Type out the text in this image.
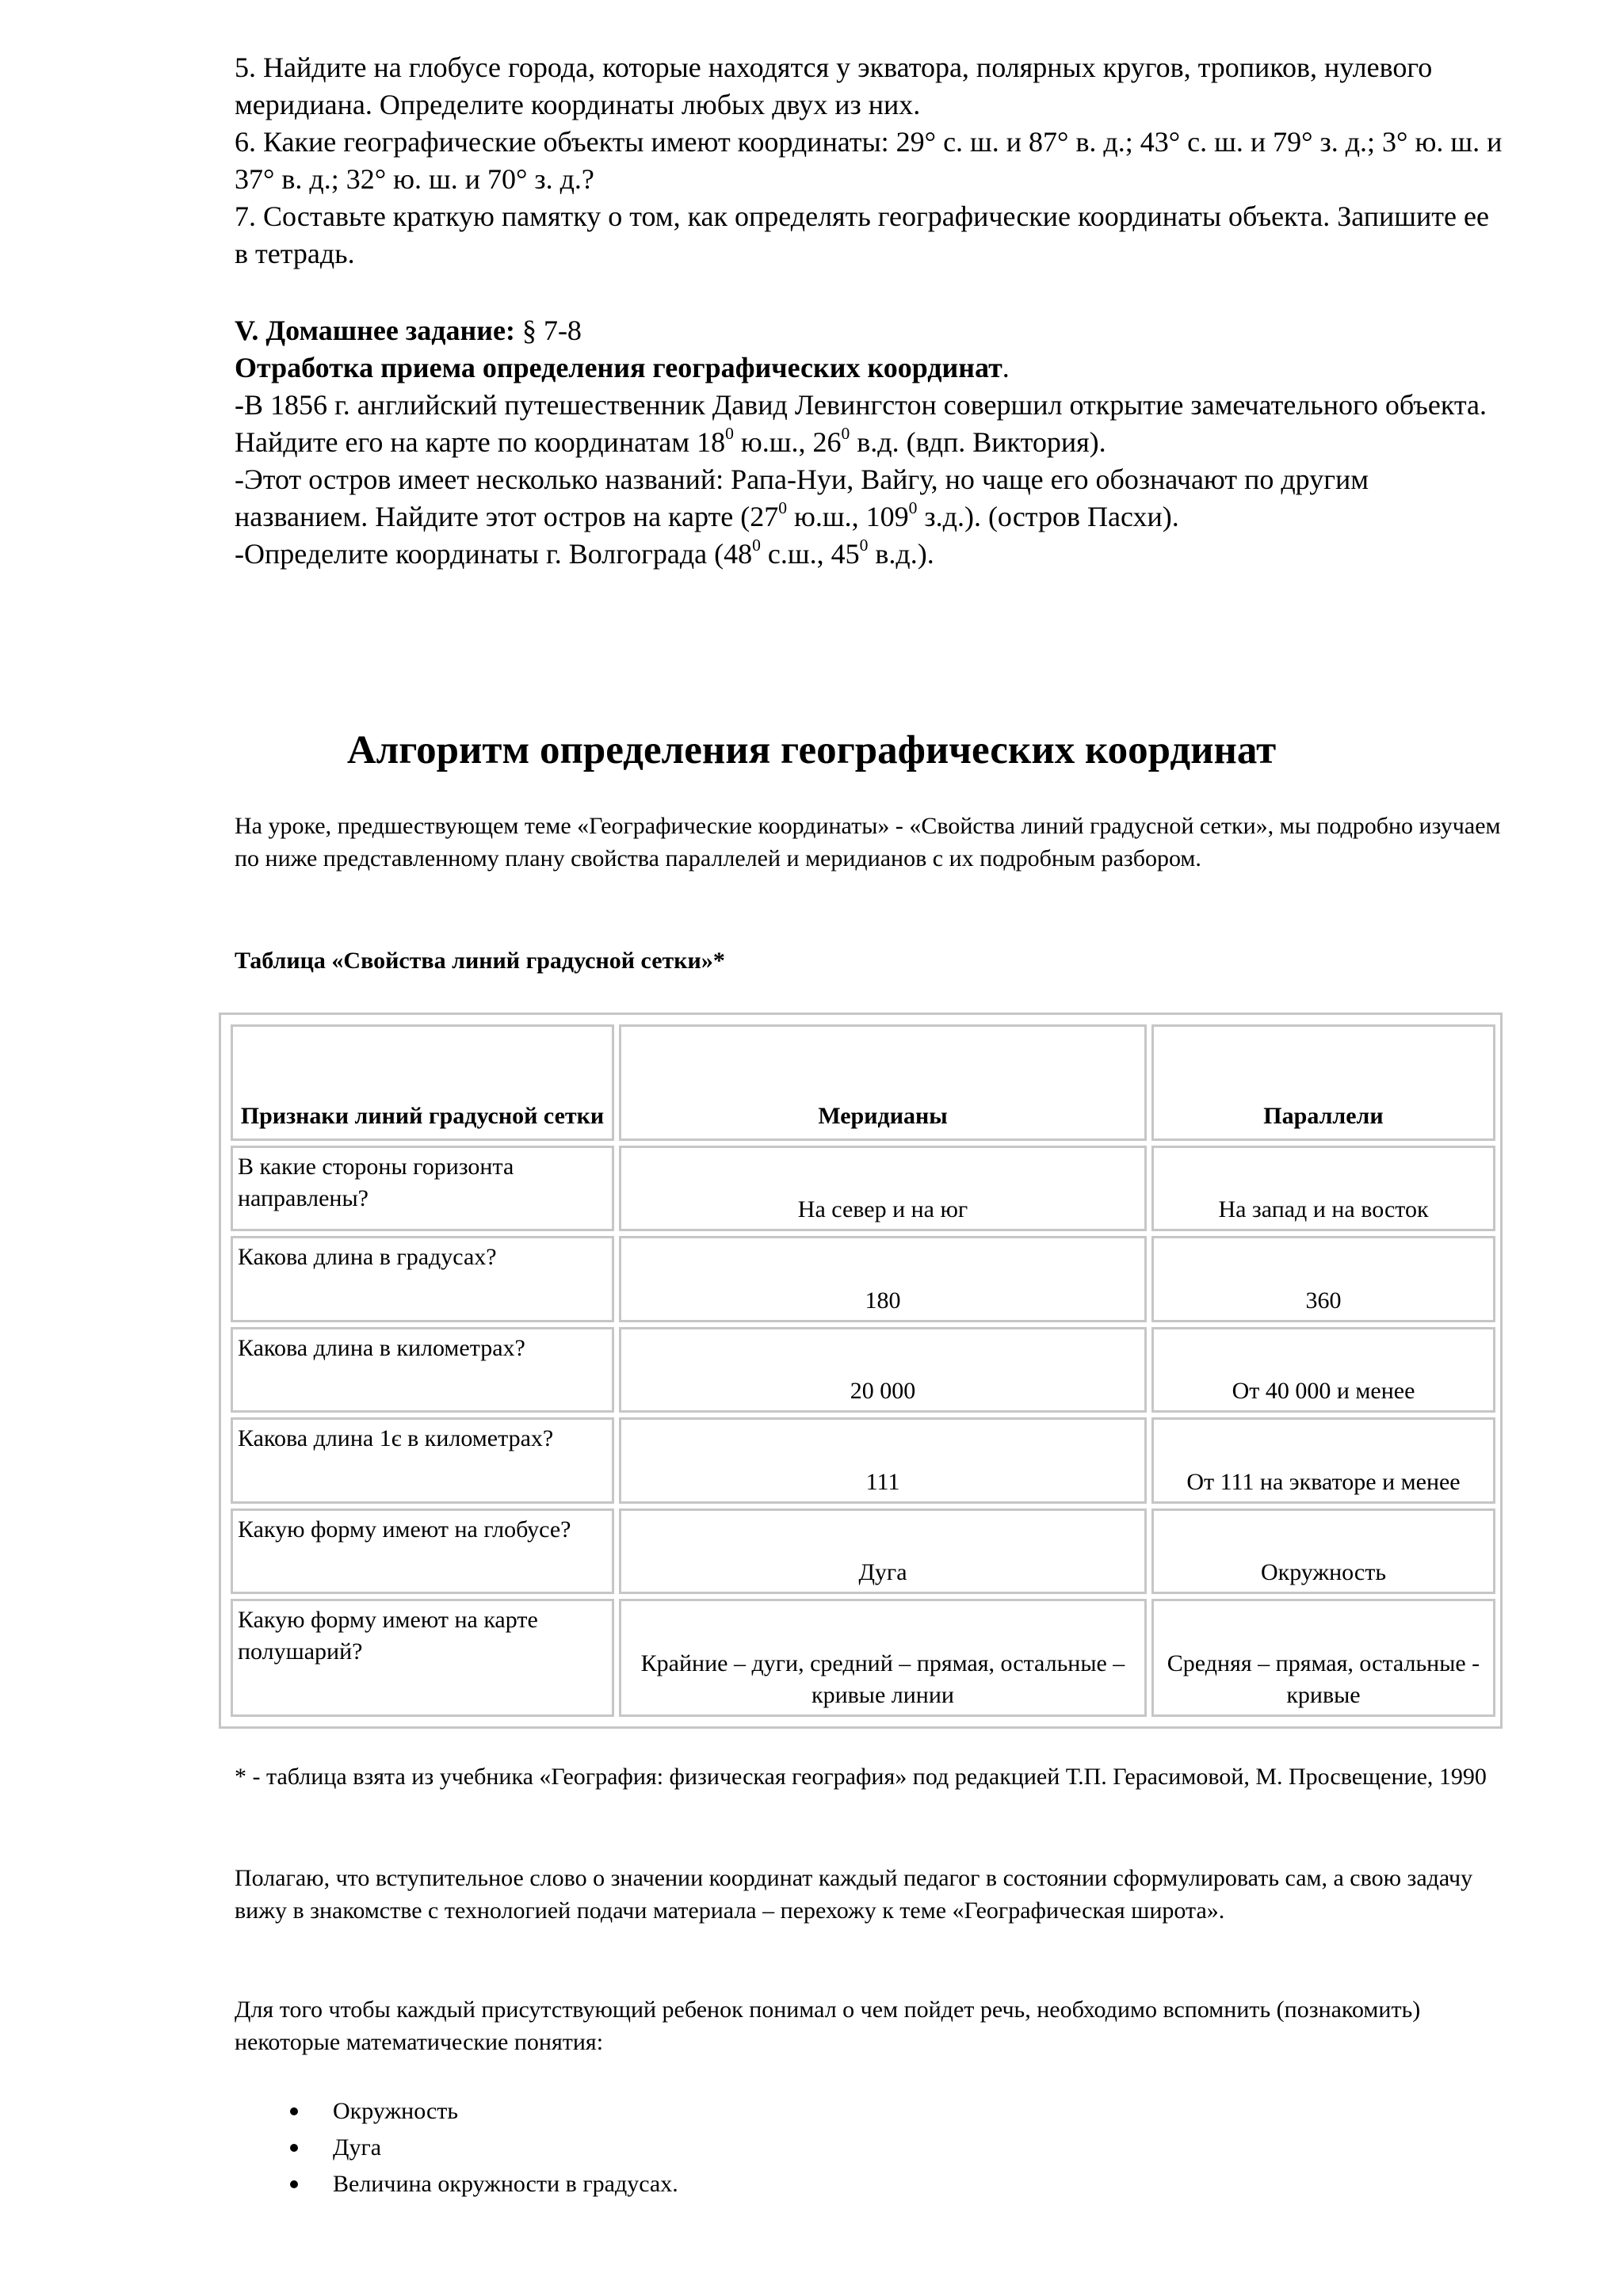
5. Найдите на глобусе города, которые находятся у экватора, полярных кругов, тропиков, нулевого меридиана. Определите координаты любых двух из них.

6. Какие географические объекты имеют координаты: 29° с. ш. и 87° в. д.; 43° с. ш. и 79° з. д.; 3° ю. ш. и 37° в. д.; 32° ю. ш. и 70° з. д.?

7. Составьте краткую памятку о том, как определять географические координаты объекта. Запишите ее в тетрадь.

V. Домашнее задание: § 7-8

Отработка приема определения географических координат.

-В 1856 г. английский путешественник Давид Левингстон совершил открытие замечательного объекта.

Найдите его на карте по координатам $18^0$ ю.ш., $26^0$ в.д. (вдп. Виктория).

-Этот остров имеет несколько названий: Рапа-Нуи, Вайгу, но чаще его обозначают по другим названием. Найдите этот остров на карте ($27^0$ ю.ш., $109^0$ з.д.). (остров Пасхи).

-Определите координаты г. Волгограда ($48^0$ с.ш., $45^0$ в.д.).

Алгоритм определения географических координат

На уроке, предшествующем теме «Географические координаты» - «Свойства линий градусной сетки», мы подробно изучаем по ниже представленному плану свойства параллелей и меридианов с их подробным разбором.

Таблица «Свойства линий градусной сетки»*

Признаки линий градусной сетки	Меридианы	Параллели
В какие стороны горизонта направлены?	На север и на юг	На запад и на восток
Какова длина в градусах?	180	360
Какова длина в километрах?	20 000	От 40 000 и менее
Какова длина 1є в километрах?	111	От 111 на экваторе и менее
Какую форму имеют на глобусе?	Дуга	Окружность
Какую форму имеют на карте полушарий?	Крайние – дуги, средний – прямая, остальные – кривые линии	Средняя – прямая, остальные - кривые

* - таблица взята из учебника «География: физическая география» под редакцией Т.П. Герасимовой, М. Просвещение, 1990

Полагаю, что вступительное слово о значении координат каждый педагог в состоянии сформулировать сам, а свою задачу вижу в знакомстве с технологией подачи материала – перехожу к теме «Географическая широта».

Для того чтобы каждый присутствующий ребенок понимал о чем пойдет речь, необходимо вспомнить (познакомить) некоторые математические понятия:

Окружность
Дуга
Величина окружности в градусах.
